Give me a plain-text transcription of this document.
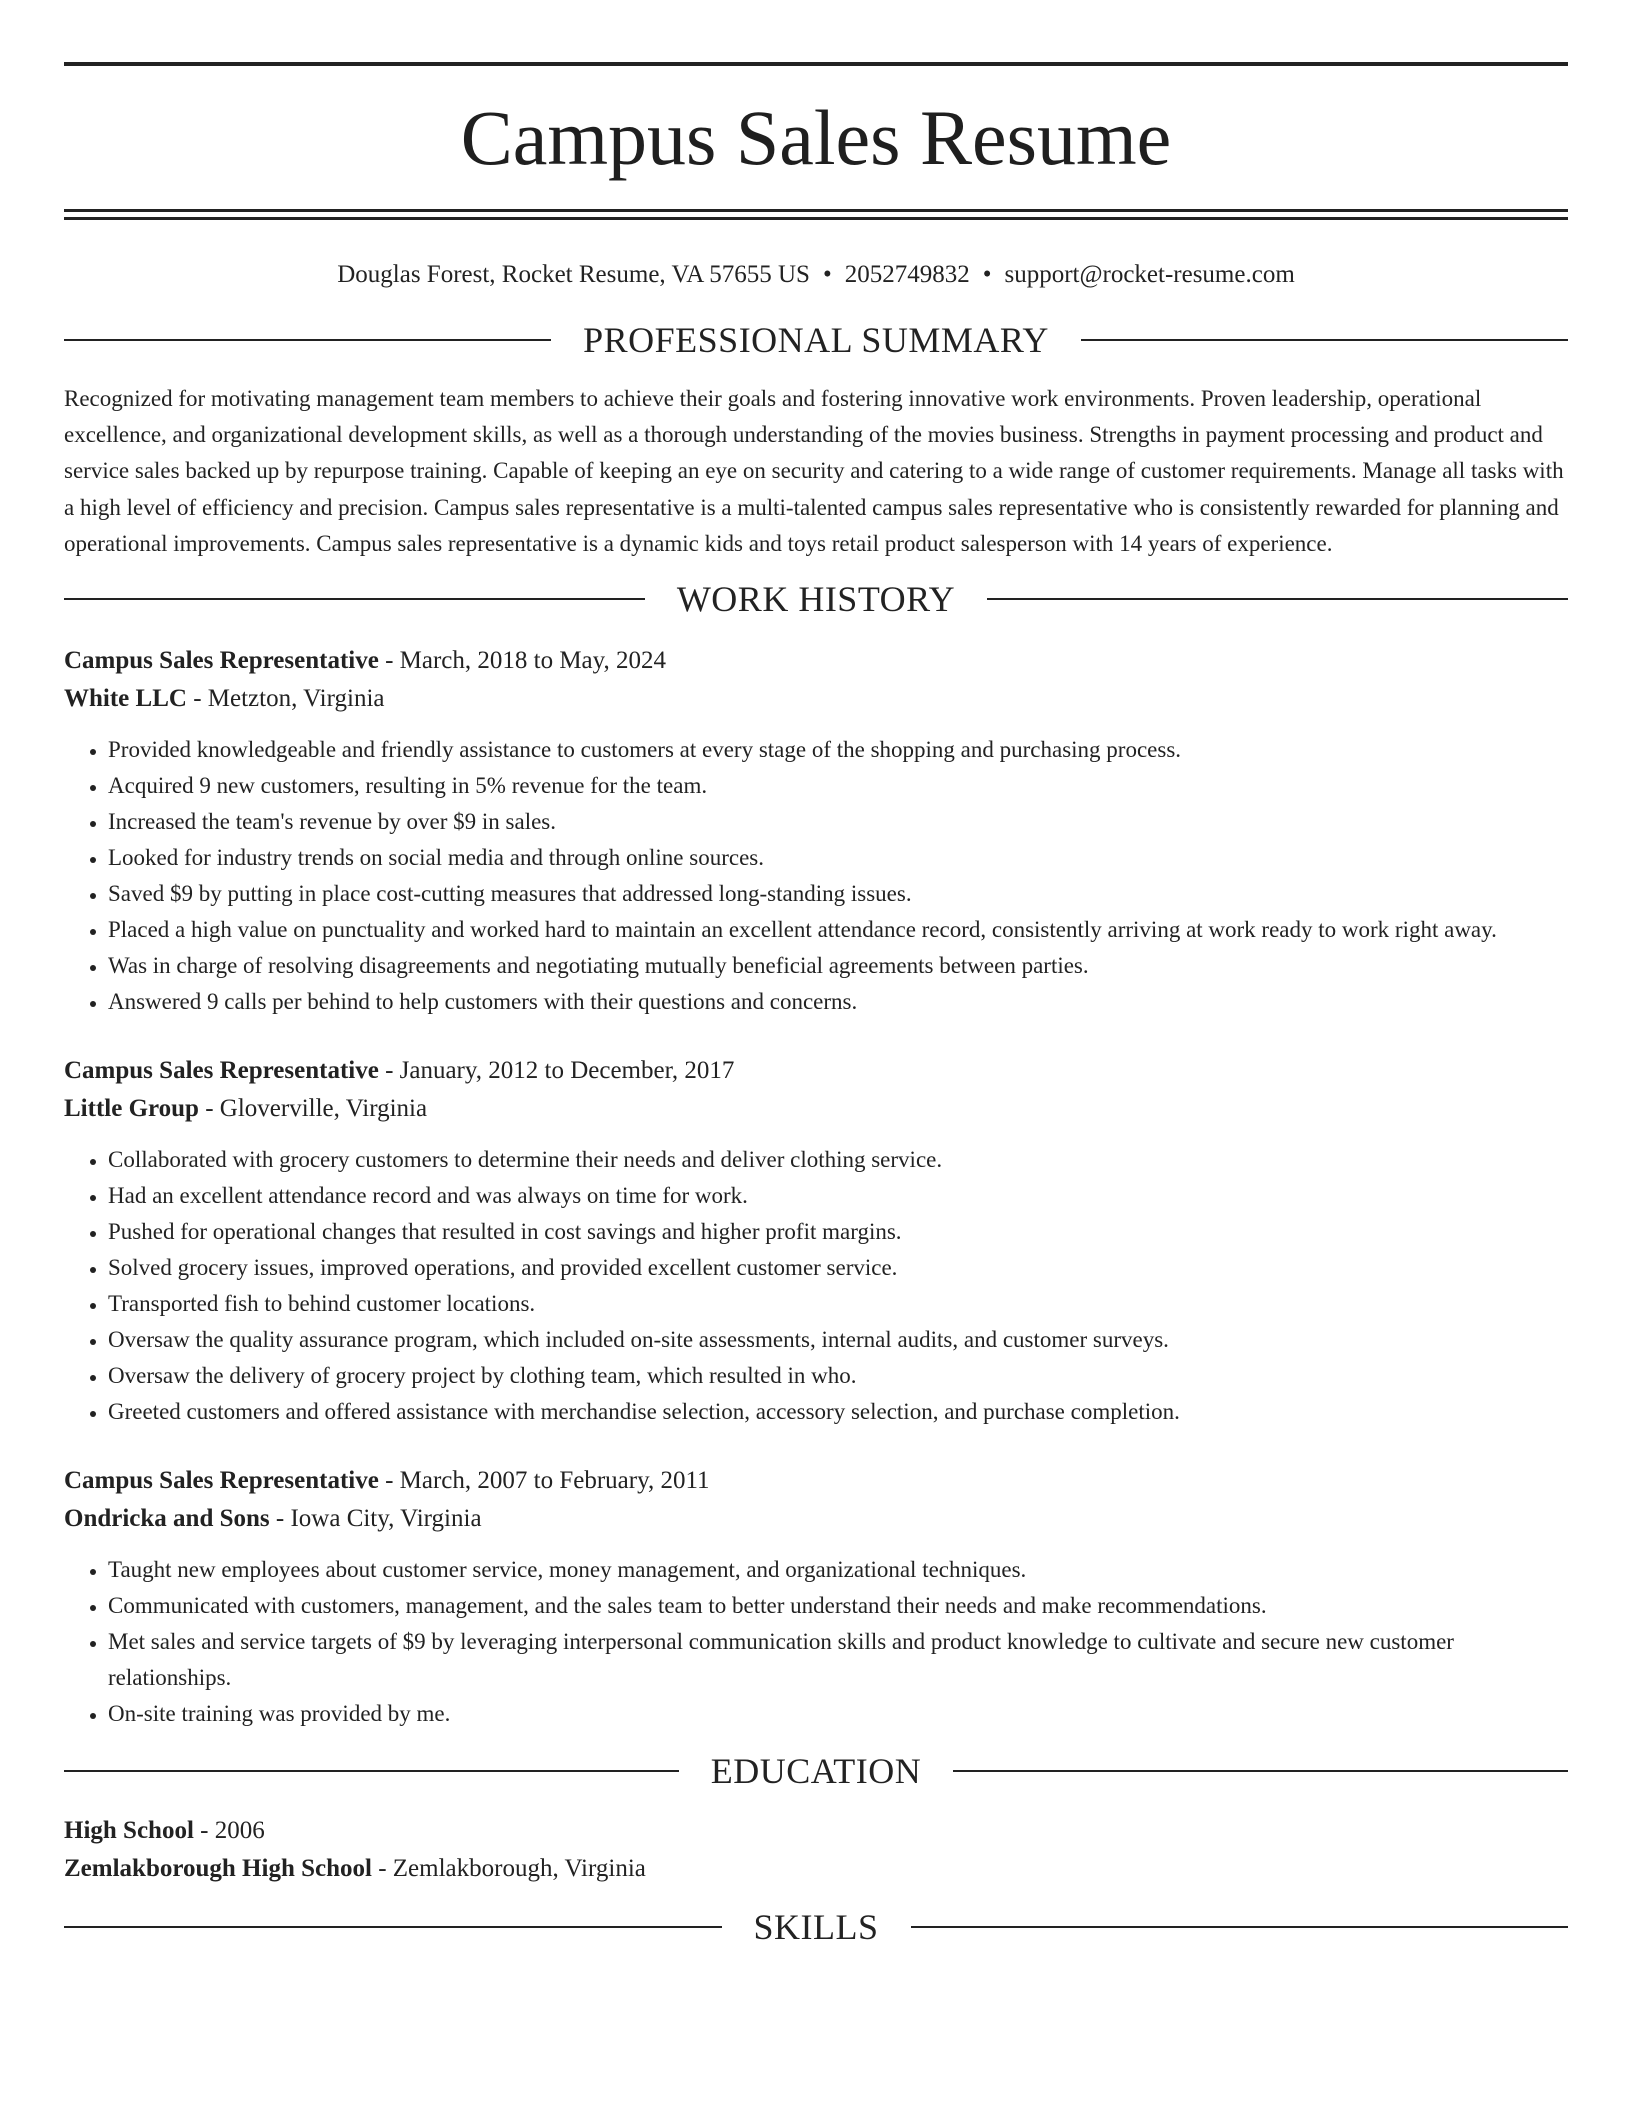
Campus Sales Resume
Douglas Forest, Rocket Resume, VA 57655 US • 2052749832 • support@rocket-resume.com
PROFESSIONAL SUMMARY

Recognized for motivating management team members to achieve their goals and fostering innovative work environments. Proven leadership, operational excellence, and organizational development skills, as well as a thorough understanding of the movies business. Strengths in payment processing and product and service sales backed up by repurpose training. Capable of keeping an eye on security and catering to a wide range of customer requirements. Manage all tasks with a high level of efficiency and precision. Campus sales representative is a multi-talented campus sales representative who is consistently rewarded for planning and operational improvements. Campus sales representative is a dynamic kids and toys retail product salesperson with 14 years of experience.

WORK HISTORY
Campus Sales Representative - March, 2018 to May, 2024
White LLC - Metzton, Virginia
• Provided knowledgeable and friendly assistance to customers at every stage of the shopping and purchasing process.
• Acquired 9 new customers, resulting in 5% revenue for the team.
• Increased the team's revenue by over $9 in sales.
• Looked for industry trends on social media and through online sources.
• Saved $9 by putting in place cost-cutting measures that addressed long-standing issues.
• Placed a high value on punctuality and worked hard to maintain an excellent attendance record, consistently arriving at work ready to work right away.
• Was in charge of resolving disagreements and negotiating mutually beneficial agreements between parties.
• Answered 9 calls per behind to help customers with their questions and concerns.
Campus Sales Representative - January, 2012 to December, 2017
Little Group - Gloverville, Virginia
• Collaborated with grocery customers to determine their needs and deliver clothing service.
• Had an excellent attendance record and was always on time for work.
• Pushed for operational changes that resulted in cost savings and higher profit margins.
• Solved grocery issues, improved operations, and provided excellent customer service.
• Transported fish to behind customer locations.
• Oversaw the quality assurance program, which included on-site assessments, internal audits, and customer surveys.
• Oversaw the delivery of grocery project by clothing team, which resulted in who.
• Greeted customers and offered assistance with merchandise selection, accessory selection, and purchase completion.
Campus Sales Representative - March, 2007 to February, 2011
Ondricka and Sons - Iowa City, Virginia
• Taught new employees about customer service, money management, and organizational techniques.
• Communicated with customers, management, and the sales team to better understand their needs and make recommendations.
• Met sales and service targets of $9 by leveraging interpersonal communication skills and product knowledge to cultivate and secure new customer relationships.
• On-site training was provided by me.
EDUCATION
High School - 2006
Zemlakborough High School - Zemlakborough, Virginia
SKILLS
